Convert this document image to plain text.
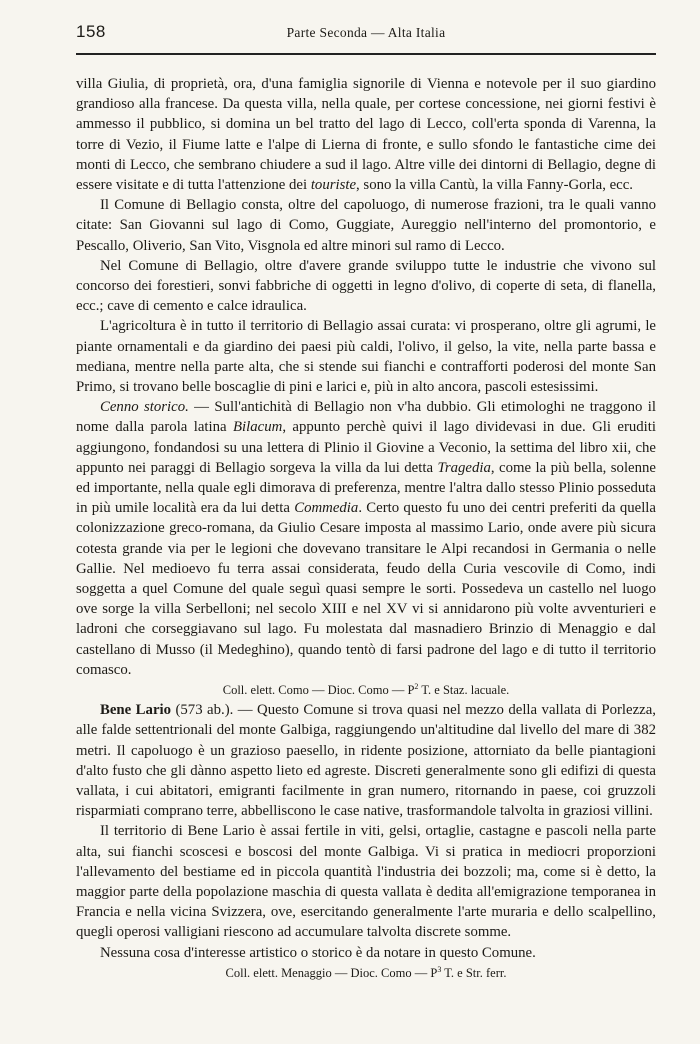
158	Parte Seconda — Alta Italia

villa Giulia, di proprietà, ora, d'una famiglia signorile di Vienna e notevole per il suo giardino grandioso alla francese. Da questa villa, nella quale, per cortese concessione, nei giorni festivi è ammesso il pubblico, si domina un bel tratto del lago di Lecco, coll'erta sponda di Varenna, la torre di Vezio, il Fiume latte e l'alpe di Lierna di fronte, e sullo sfondo le fantastiche cime dei monti di Lecco, che sembrano chiudere a sud il lago. Altre ville dei dintorni di Bellagio, degne di essere visitate e di tutta l'attenzione dei touriste, sono la villa Cantù, la villa Fanny-Gorla, ecc.

Il Comune di Bellagio consta, oltre del capoluogo, di numerose frazioni, tra le quali vanno citate: San Giovanni sul lago di Como, Guggiate, Aureggio nell'interno del promontorio, e Pescallo, Oliverio, San Vito, Visgnola ed altre minori sul ramo di Lecco.

Nel Comune di Bellagio, oltre d'avere grande sviluppo tutte le industrie che vivono sul concorso dei forestieri, sonvi fabbriche di oggetti in legno d'olivo, di coperte di seta, di flanella, ecc.; cave di cemento e calce idraulica.

L'agricoltura è in tutto il territorio di Bellagio assai curata: vi prosperano, oltre gli agrumi, le piante ornamentali e da giardino dei paesi più caldi, l'olivo, il gelso, la vite, nella parte bassa e mediana, mentre nella parte alta, che si stende sui fianchi e contrafforti poderosi del monte San Primo, si trovano belle boscaglie di pini e larici e, più in alto ancora, pascoli estesissimi.

Cenno storico. — Sull'antichità di Bellagio non v'ha dubbio. Gli etimologhi ne traggono il nome dalla parola latina Bilacum, appunto perchè quivi il lago dividevasi in due. Gli eruditi aggiungono, fondandosi su una lettera di Plinio il Giovine a Veconio, la settima del libro xii, che appunto nei paraggi di Bellagio sorgeva la villa da lui detta Tragedia, come la più bella, solenne ed importante, nella quale egli dimorava di preferenza, mentre l'altra dallo stesso Plinio posseduta in più umile località era da lui detta Commedia. Certo questo fu uno dei centri preferiti da quella colonizzazione greco-romana, da Giulio Cesare imposta al massimo Lario, onde avere più sicura cotesta grande via per le legioni che dovevano transitare le Alpi recandosi in Germania o nelle Gallie. Nel medioevo fu terra assai considerata, feudo della Curia vescovile di Como, indi soggetta a quel Comune del quale seguì quasi sempre le sorti. Possedeva un castello nel luogo ove sorge la villa Serbelloni; nel secolo XIII e nel XV vi si annidarono più volte avventurieri e ladroni che corseggiavano sul lago. Fu molestata dal masnadiero Brinzio di Menaggio e dal castellano di Musso (il Medeghino), quando tentò di farsi padrone del lago e di tutto il territorio comasco.

Coll. elett. Como — Dioc. Como — $P^2$ T. e Staz. lacuale.

Bene Lario (573 ab.). — Questo Comune si trova quasi nel mezzo della vallata di Porlezza, alle falde settentrionali del monte Galbiga, raggiungendo un'altitudine dal livello del mare di 382 metri. Il capoluogo è un grazioso paesello, in ridente posizione, attorniato da belle piantagioni d'alto fusto che gli dànno aspetto lieto ed agreste. Discreti generalmente sono gli edifizi di questa vallata, i cui abitatori, emigranti facilmente in gran numero, ritornando in paese, coi gruzzoli risparmiati comprano terre, abbelliscono le case native, trasformandole talvolta in graziosi villini.

Il territorio di Bene Lario è assai fertile in viti, gelsi, ortaglie, castagne e pascoli nella parte alta, sui fianchi scoscesi e boscosi del monte Galbiga. Vi si pratica in mediocri proporzioni l'allevamento del bestiame ed in piccola quantità l'industria dei bozzoli; ma, come si è detto, la maggior parte della popolazione maschia di questa vallata è dedita all'emigrazione temporanea in Francia e nella vicina Svizzera, ove, esercitando generalmente l'arte muraria e dello scalpellino, quegli operosi valligiani riescono ad accumulare talvolta discrete somme.

Nessuna cosa d'interesse artistico o storico è da notare in questo Comune.

Coll. elett. Menaggio — Dioc. Como — $P^3$ T. e Str. ferr.
